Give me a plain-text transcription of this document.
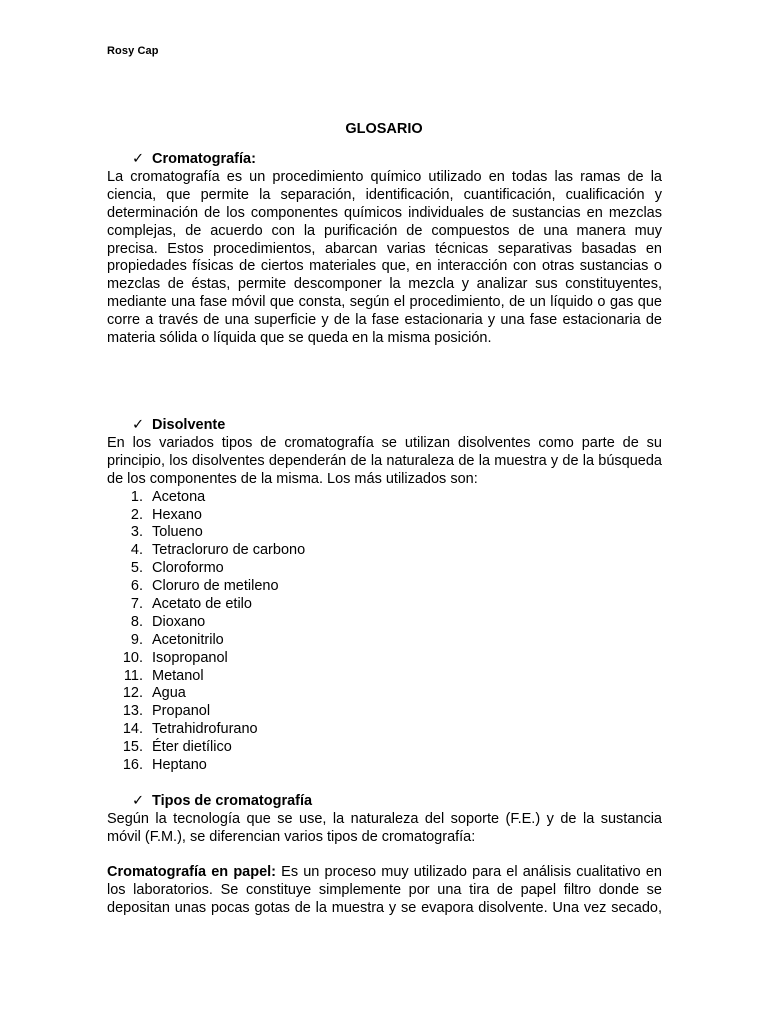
Rosy Cap
GLOSARIO

✓ Cromatografía:

La cromatografía es un procedimiento químico utilizado en todas las ramas de la ciencia, que permite la separación, identificación, cuantificación, cualificación y determinación de los componentes químicos individuales de sustancias en mezclas complejas, de acuerdo con la purificación de compuestos de una manera muy precisa. Estos procedimientos, abarcan varias técnicas separativas basadas en propiedades físicas de ciertos materiales que, en interacción con otras sustancias o mezclas de éstas, permite descomponer la mezcla y analizar sus constituyentes, mediante una fase móvil que consta, según el procedimiento, de un líquido o gas que corre a través de una superficie y de la fase estacionaria y una fase estacionaria de materia sólida o líquida que se queda en la misma posición.

✓ Disolvente

En los variados tipos de cromatografía se utilizan disolventes como parte de su principio, los disolventes dependerán de la naturaleza de la muestra y de la búsqueda de los componentes de la misma. Los más utilizados son:

1. Acetona
2. Hexano
3. Tolueno
4. Tetracloruro de carbono
5. Cloroformo
6. Cloruro de metileno
7. Acetato de etilo
8. Dioxano
9. Acetonitrilo
10. Isopropanol
11. Metanol
12. Agua
13. Propanol
14. Tetrahidrofurano
15. Éter dietílico
16. Heptano

✓ Tipos de cromatografía

Según la tecnología que se use, la naturaleza del soporte (F.E.) y de la sustancia móvil (F.M.), se diferencian varios tipos de cromatografía:

Cromatografía en papel: Es un proceso muy utilizado para el análisis cualitativo en los laboratorios. Se constituye simplemente por una tira de papel filtro donde se depositan unas pocas gotas de la muestra y se evapora disolvente. Una vez secado,
